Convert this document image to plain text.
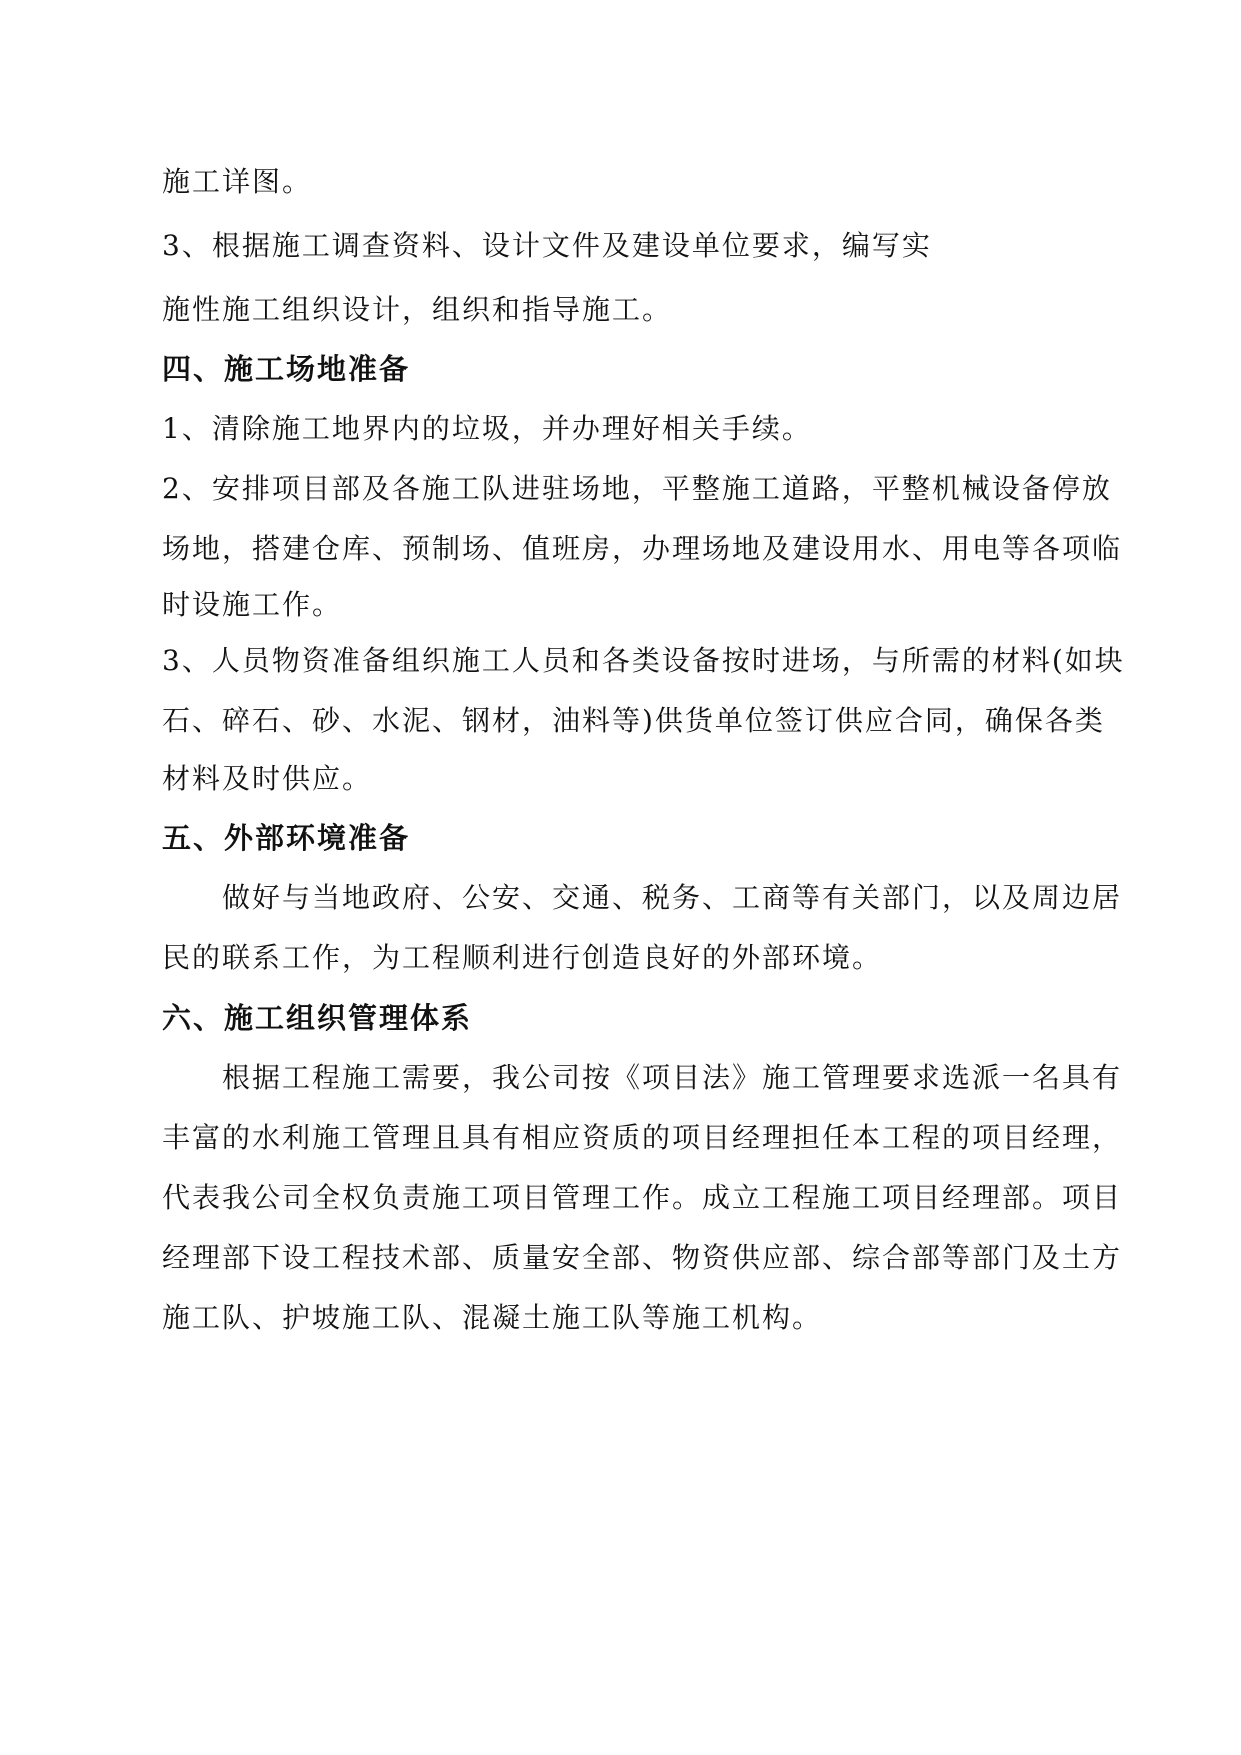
施工详图。
3、根据施工调查资料、设计文件及建设单位要求，编写实
施性施工组织设计，组织和指导施工。
四、施工场地准备
1、清除施工地界内的垃圾，并办理好相关手续。
2、安排项目部及各施工队进驻场地，平整施工道路，平整机械设备停放
场地，搭建仓库、预制场、值班房，办理场地及建设用水、用电等各项临
时设施工作。
3、人员物资准备组织施工人员和各类设备按时进场，与所需的材料(如块
石、碎石、砂、水泥、钢材，油料等)供货单位签订供应合同，确保各类
材料及时供应。
五、外部环境准备
做好与当地政府、公安、交通、税务、工商等有关部门，以及周边居
民的联系工作，为工程顺利进行创造良好的外部环境。
六、施工组织管理体系
根据工程施工需要，我公司按《项目法》施工管理要求选派一名具有
丰富的水利施工管理且具有相应资质的项目经理担任本工程的项目经理，
代表我公司全权负责施工项目管理工作。成立工程施工项目经理部。项目
经理部下设工程技术部、质量安全部、物资供应部、综合部等部门及土方
施工队、护坡施工队、混凝土施工队等施工机构。
